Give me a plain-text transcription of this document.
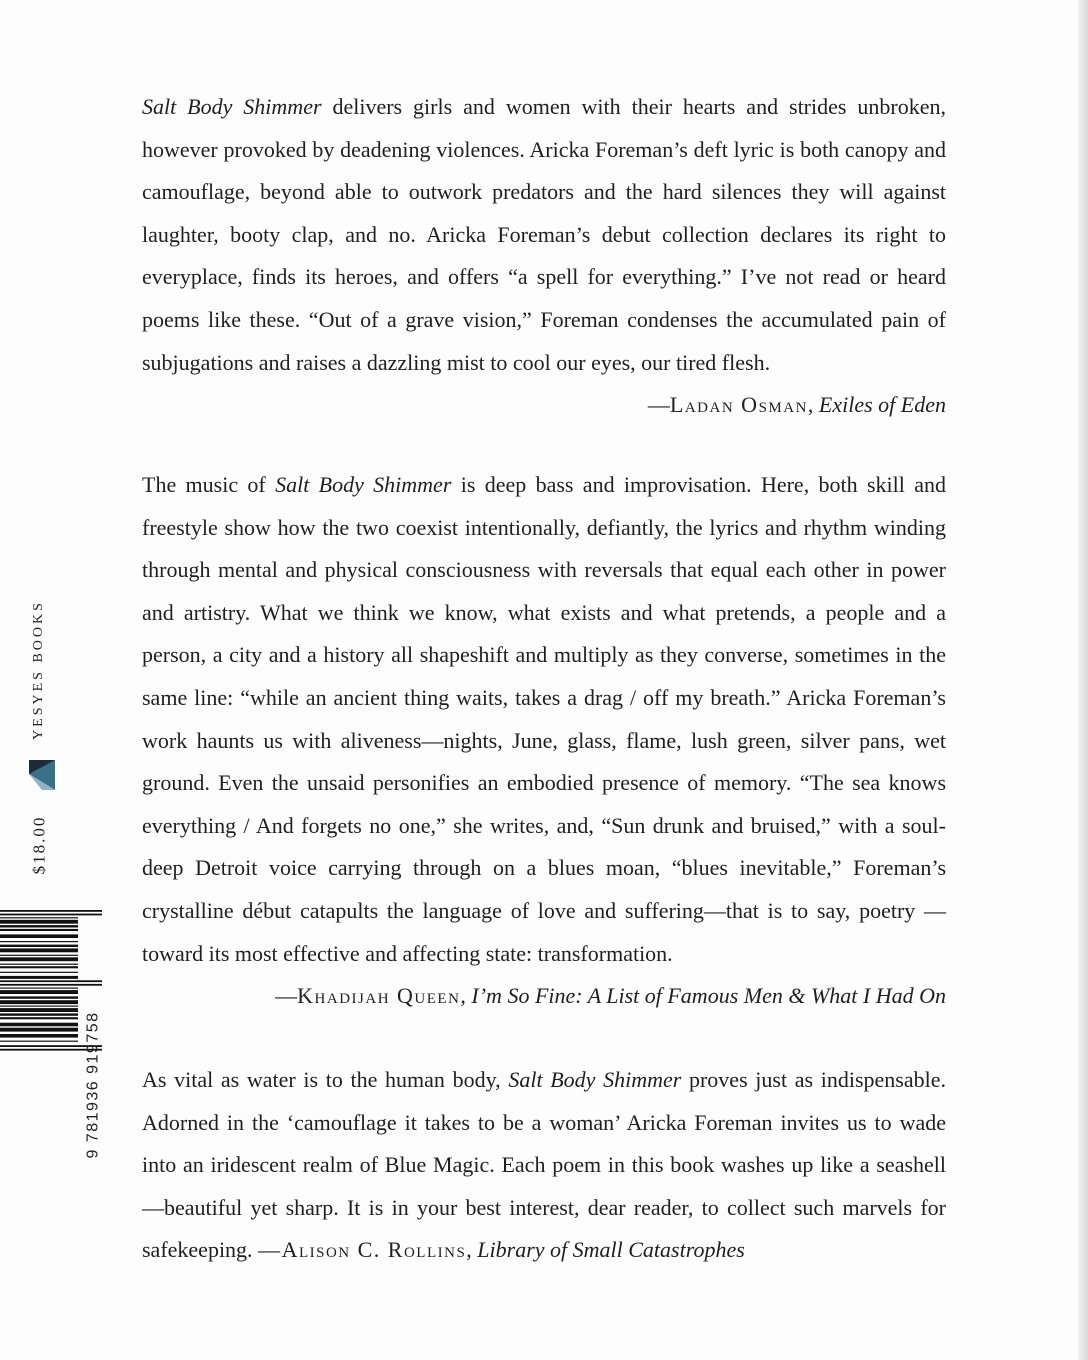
Salt Body Shimmer delivers girls and women with their hearts and strides unbroken, however provoked by deadening violences. Aricka Foreman’s deft lyric is both canopy and camouflage, beyond able to outwork predators and the hard silences they will against laughter, booty clap, and no. Aricka Foreman’s debut collection declares its right to everyplace, finds its heroes, and offers “a spell for everything.” I’ve not read or heard poems like these. “Out of a grave vision,” Foreman condenses the accumulated pain of subjugations and raises a dazzling mist to cool our eyes, our tired flesh.

—Ladan Osman, Exiles of Eden

The music of Salt Body Shimmer is deep bass and improvisation. Here, both skill and freestyle show how the two coexist intentionally, defiantly, the lyrics and rhythm winding through mental and physical consciousness with reversals that equal each other in power and artistry. What we think we know, what exists and what pretends, a people and a person, a city and a history all shapeshift and multiply as they converse, sometimes in the same line: “while an ancient thing waits, takes a drag / off my breath.” Aricka Foreman’s work haunts us with aliveness—nights, June, glass, flame, lush green, silver pans, wet ground. Even the unsaid personifies an embodied presence of memory. “The sea knows everything / And forgets no one,” she writes, and, “Sun drunk and bruised,” with a soul-deep Detroit voice carrying through on a blues moan, “blues inevitable,” Foreman’s crystalline début catapults the language of love and suffering—that is to say, poetry — toward its most effective and affecting state: transformation.

—Khadijah Queen, I’m So Fine: A List of Famous Men & What I Had On

As vital as water is to the human body, Salt Body Shimmer proves just as indispensable. Adorned in the ‘camouflage it takes to be a woman’ Aricka Foreman invites us to wade into an iridescent realm of Blue Magic. Each poem in this book washes up like a seashell—beautiful yet sharp. It is in your best interest, dear reader, to collect such marvels for safekeeping. —Alison C. Rollins, Library of Small Catastrophes

YESYES BOOKS
$18.00
9 781936 919758
